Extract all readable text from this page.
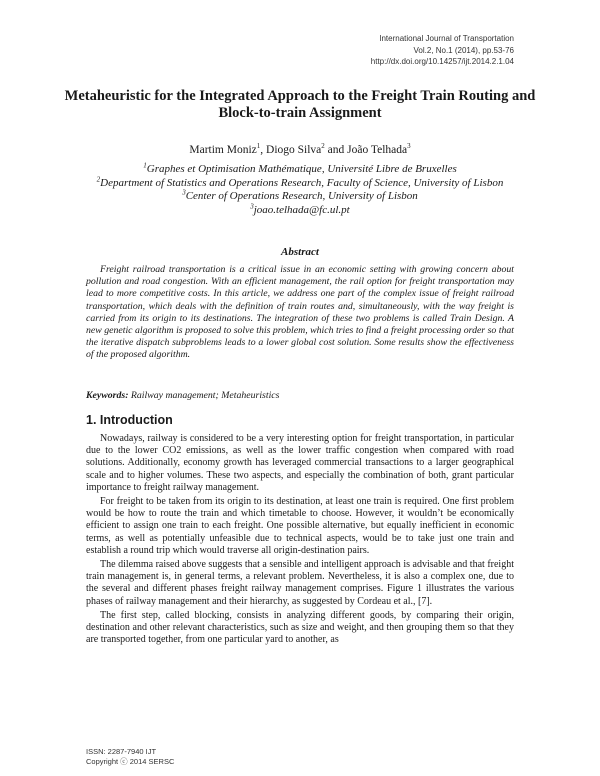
International Journal of Transportation
Vol.2, No.1 (2014), pp.53-76
http://dx.doi.org/10.14257/ijt.2014.2.1.04
Metaheuristic for the Integrated Approach to the Freight Train Routing and Block-to-train Assignment
Martim Moniz$^1$, Diogo Silva$^2$ and João Telhada$^3$
$^1$Graphes et Optimisation Mathématique, Université Libre de Bruxelles
$^2$Department of Statistics and Operations Research, Faculty of Science, University of Lisbon
$^3$Center of Operations Research, University of Lisbon
$^3$joao.telhada@fc.ul.pt
Abstract
Freight railroad transportation is a critical issue in an economic setting with growing concern about pollution and road congestion. With an efficient management, the rail option for freight transportation may lead to more competitive costs. In this article, we address one part of the complex issue of freight railroad transportation, which deals with the definition of train routes and, simultaneously, with the way freight is carried from its origin to its destinations. The integration of these two problems is called Train Design. A new genetic algorithm is proposed to solve this problem, which tries to find a freight processing order so that the iterative dispatch subproblems leads to a lower global cost solution. Some results show the effectiveness of the proposed algorithm.
Keywords: Railway management; Metaheuristics
1. Introduction

Nowadays, railway is considered to be a very interesting option for freight transportation, in particular due to the lower CO2 emissions, as well as the lower traffic congestion when compared with road solutions. Additionally, economy growth has leveraged commercial transactions to a larger geographical scale and to higher volumes. These two aspects, and especially the combination of both, grant particular importance to freight railway management.

For freight to be taken from its origin to its destination, at least one train is required. One first problem would be how to route the train and which timetable to choose. However, it wouldn’t be economically efficient to assign one train to each freight. One possible alternative, but equally inefficient in economic terms, as well as potentially unfeasible due to technical aspects, would be to take just one train and establish a round trip which would traverse all origin-destination pairs.

The dilemma raised above suggests that a sensible and intelligent approach is advisable and that freight train management is, in general terms, a relevant problem. Nevertheless, it is also a complex one, due to the several and different phases freight railway management comprises. Figure 1 illustrates the various phases of railway management and their hierarchy, as suggested by Cordeau et al., [7].

The first step, called blocking, consists in analyzing different goods, by comparing their origin, destination and other relevant characteristics, such as size and weight, and then grouping them so that they are transported together, from one particular yard to another, as

ISSN: 2287-7940 IJT
Copyright ⓒ 2014 SERSC
